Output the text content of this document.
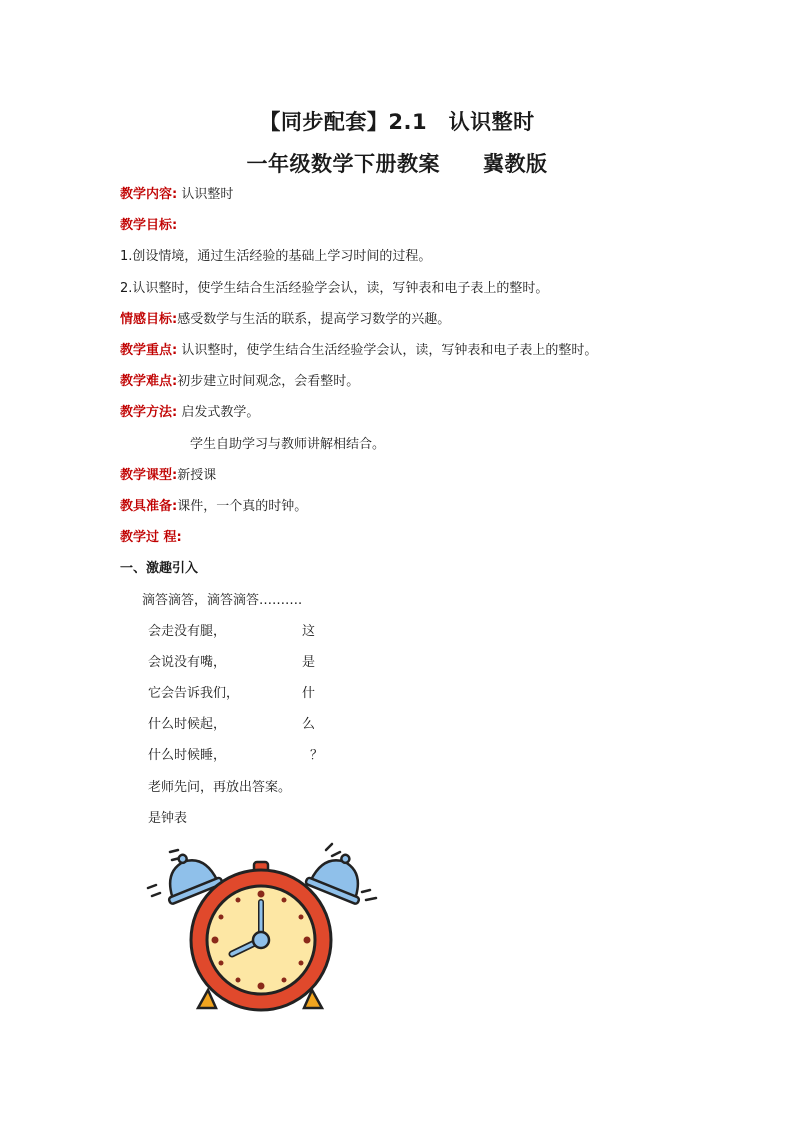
【同步配套】2.1　认识整时
一年级数学下册教案　　冀教版
教学内容: 认识整时
教学目标:
1.创设情境，通过生活经验的基础上学习时间的过程。
2.认识整时，使学生结合生活经验学会认，读，写钟表和电子表上的整时。
情感目标:感受数学与生活的联系，提高学习数学的兴趣。
教学重点: 认识整时，使学生结合生活经验学会认，读，写钟表和电子表上的整时。
教学难点:初步建立时间观念，会看整时。
教学方法: 启发式教学。
学生自助学习与教师讲解相结合。
教学课型:新授课
教具准备:课件，一个真的时钟。
教学过 程:
一、激趣引入
滴答滴答，滴答滴答……….
会走没有腿，
会说没有嘴，
它会告诉我们，
什么时候起，
什么时候睡，
这
是
什
么
？
老师先问，再放出答案。
是钟表
